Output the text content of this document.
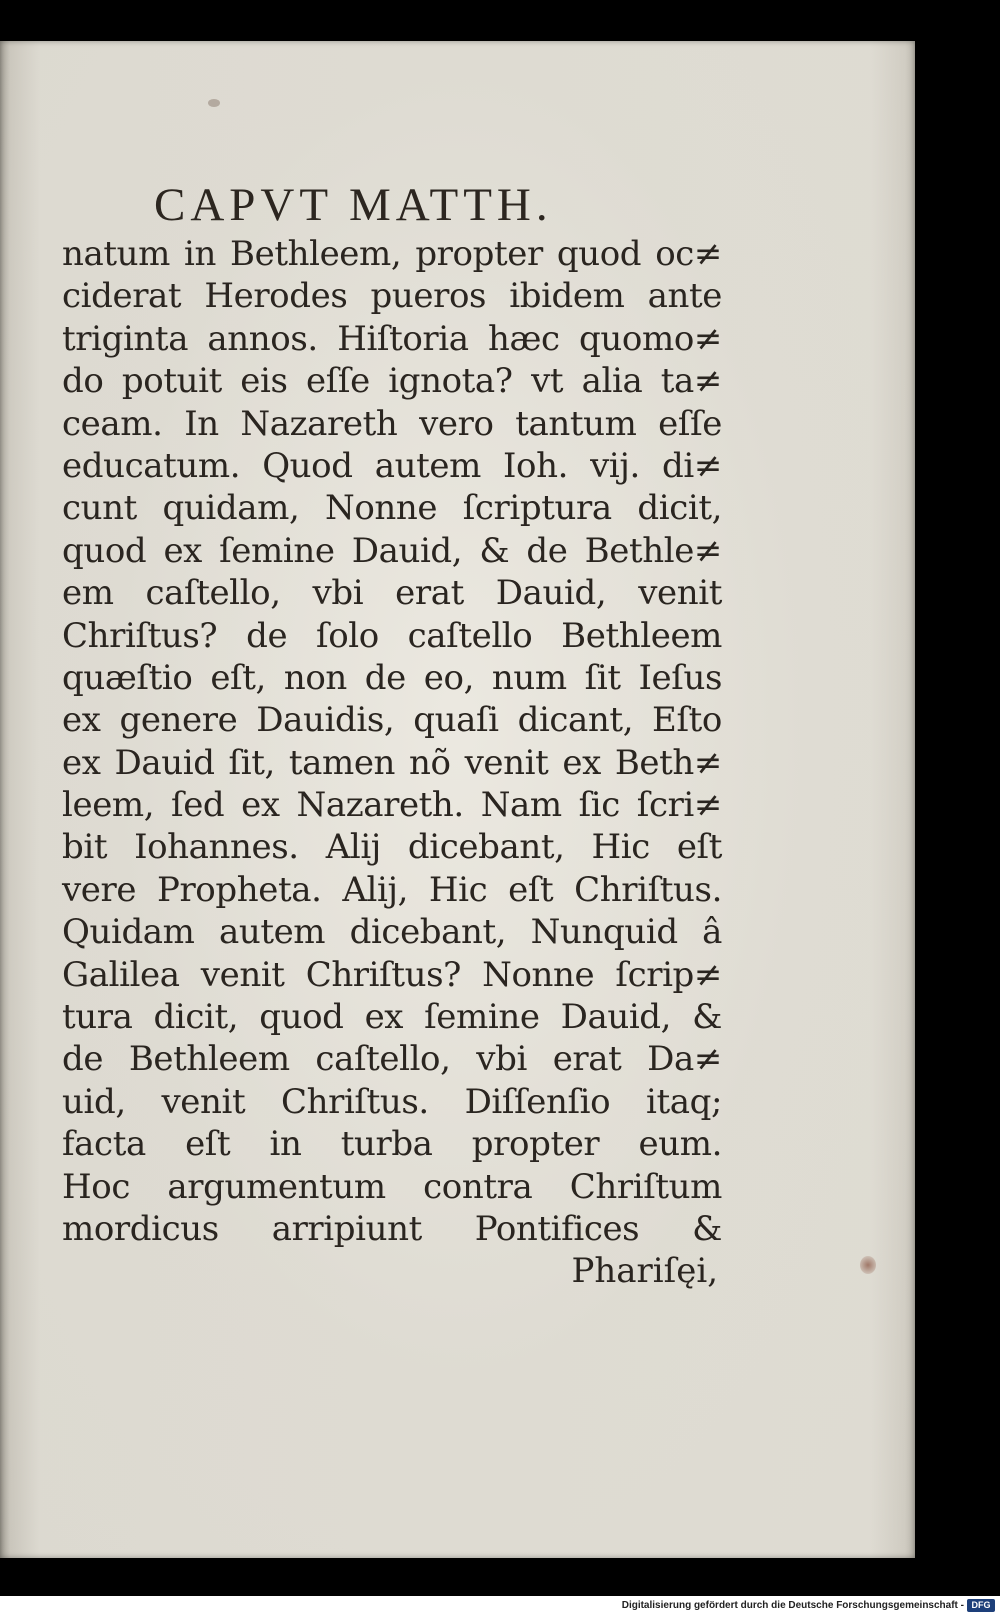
CAPVT MATTH.
natum in Bethleem, propter quod oc≠
ciderat Herodes pueros ibidem ante
triginta annos. Hiſtoria hæc quomo≠
do potuit eis eſſe ignota? vt alia ta≠
ceam. In Nazareth vero tantum eſſe
educatum. Quod autem Ioh. vij. di≠
cunt quidam, Nonne ſcriptura dicit,
quod ex ſemine Dauid, & de Bethle≠
em caſtello, vbi erat Dauid, venit
Chriſtus? de ſolo caſtello Bethleem
quæſtio eſt, non de eo, num ſit Ieſus
ex genere Dauidis, quaſi dicant, Eſto
ex Dauid ſit, tamen nõ venit ex Beth≠
leem, ſed ex Nazareth. Nam ſic ſcri≠
bit Iohannes. Alij dicebant, Hic eſt
vere Propheta. Alij, Hic eſt Chriſtus.
Quidam autem dicebant, Nunquid â
Galilea venit Chriſtus? Nonne ſcrip≠
tura dicit, quod ex ſemine Dauid, &
de Bethleem caſtello, vbi erat Da≠
uid, venit Chriſtus. Diſſenſio itaq;
facta eſt in turba propter eum.
Hoc argumentum contra Chriſtum
mordicus arripiunt Pontifices &
Phariſęi,
Digitalisierung gefördert durch die Deutsche Forschungsgemeinschaft - DFG
